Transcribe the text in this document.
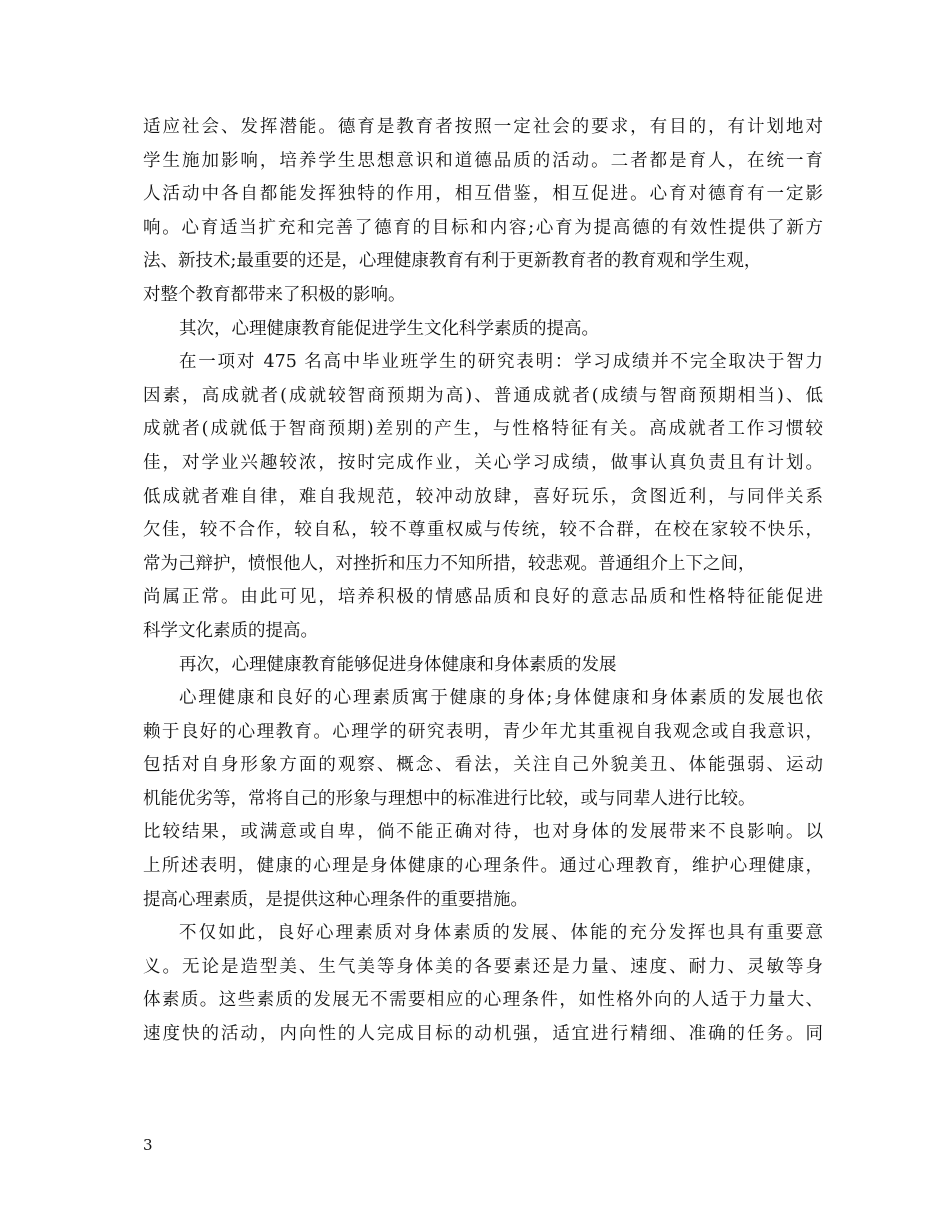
适应社会、发挥潜能。德育是教育者按照一定社会的要求，有目的，有计划地对
学生施加影响，培养学生思想意识和道德品质的活动。二者都是育人，在统一育
人活动中各自都能发挥独特的作用，相互借鉴，相互促进。心育对德育有一定影
响。心育适当扩充和完善了德育的目标和内容;心育为提高德的有效性提供了新方
法、新技术;最重要的还是，心理健康教育有利于更新教育者的教育观和学生观，
对整个教育都带来了积极的影响。
其次，心理健康教育能促进学生文化科学素质的提高。
在一项对 475 名高中毕业班学生的研究表明：学习成绩并不完全取决于智力
因素，高成就者(成就较智商预期为高)、普通成就者(成绩与智商预期相当)、低
成就者(成就低于智商预期)差别的产生，与性格特征有关。高成就者工作习惯较
佳，对学业兴趣较浓，按时完成作业，关心学习成绩，做事认真负责且有计划。
低成就者难自律，难自我规范，较冲动放肆，喜好玩乐，贪图近利，与同伴关系
欠佳，较不合作，较自私，较不尊重权威与传统，较不合群，在校在家较不快乐，
常为己辩护，愤恨他人，对挫折和压力不知所措，较悲观。普通组介上下之间，
尚属正常。由此可见，培养积极的情感品质和良好的意志品质和性格特征能促进
科学文化素质的提高。
再次，心理健康教育能够促进身体健康和身体素质的发展
心理健康和良好的心理素质寓于健康的身体;身体健康和身体素质的发展也依
赖于良好的心理教育。心理学的研究表明，青少年尤其重视自我观念或自我意识，
包括对自身形象方面的观察、概念、看法，关注自己外貌美丑、体能强弱、运动
机能优劣等，常将自己的形象与理想中的标准进行比较，或与同辈人进行比较。
比较结果，或满意或自卑，倘不能正确对待，也对身体的发展带来不良影响。以
上所述表明，健康的心理是身体健康的心理条件。通过心理教育，维护心理健康，
提高心理素质，是提供这种心理条件的重要措施。
不仅如此，良好心理素质对身体素质的发展、体能的充分发挥也具有重要意
义。无论是造型美、生气美等身体美的各要素还是力量、速度、耐力、灵敏等身
体素质。这些素质的发展无不需要相应的心理条件，如性格外向的人适于力量大、
速度快的活动，内向性的人完成目标的动机强，适宜进行精细、准确的任务。同
3
